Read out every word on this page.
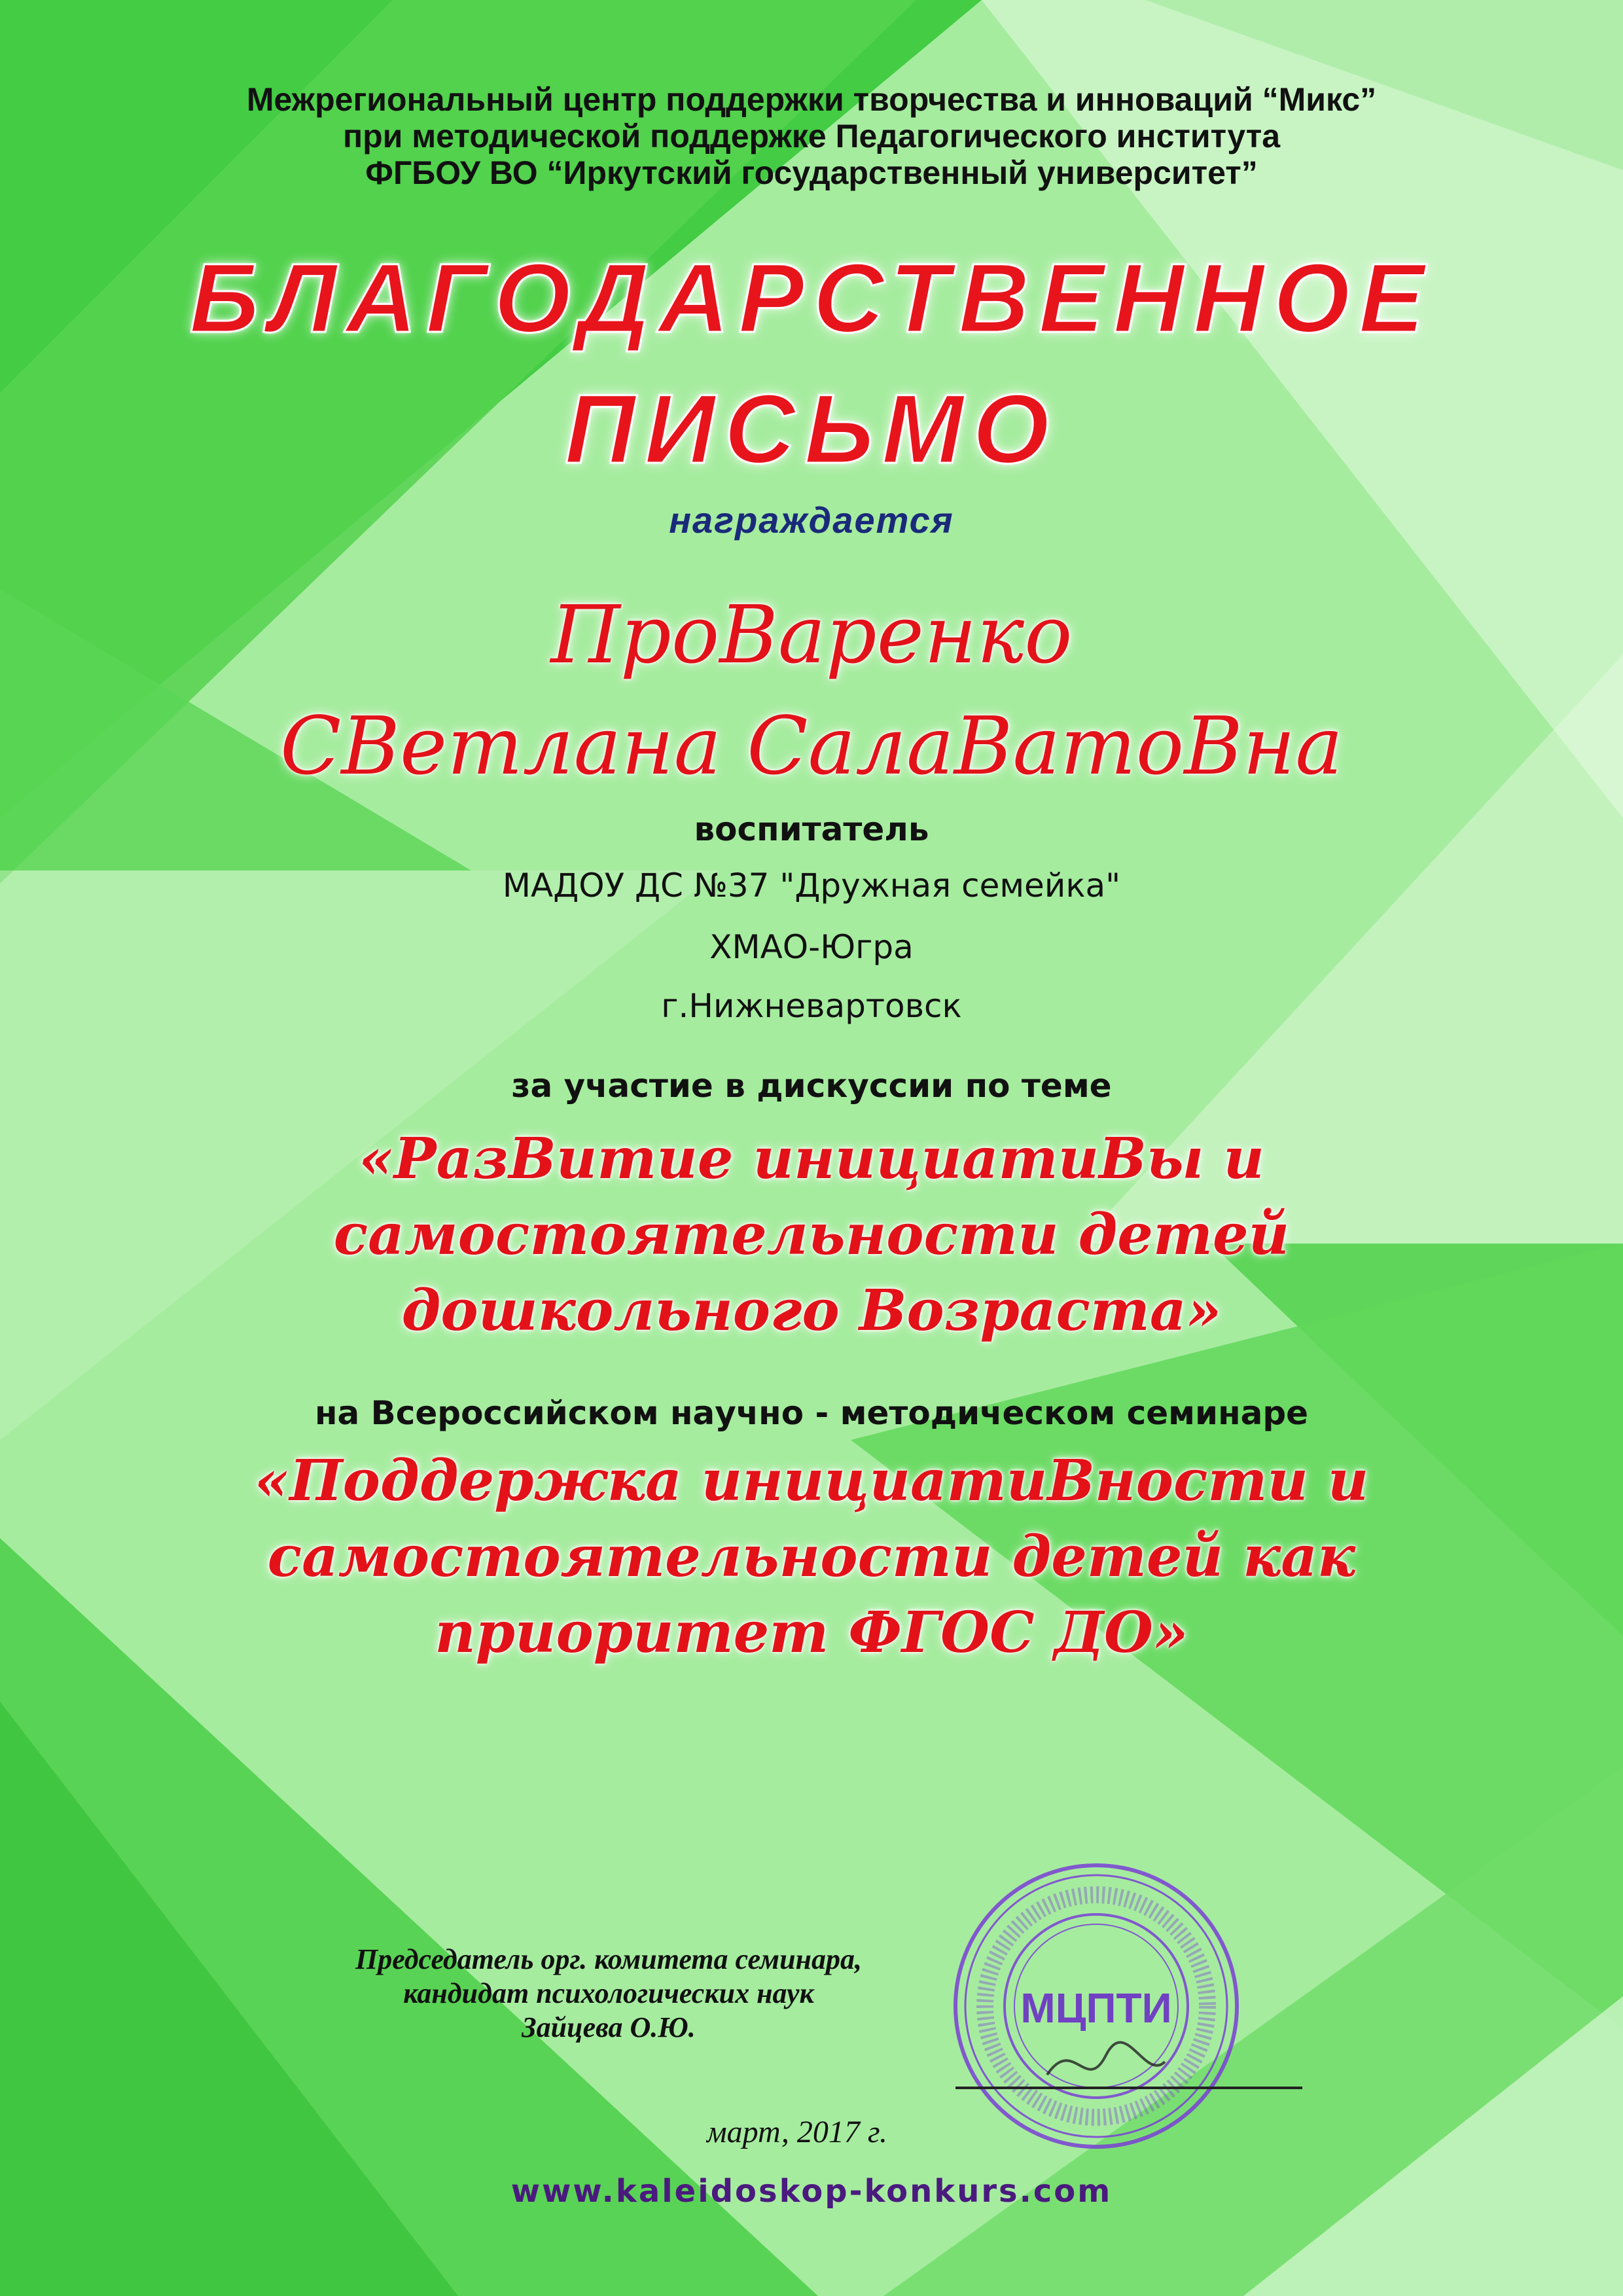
Межрегиональный центр поддержки творчества и инноваций “Микс”
при методической поддержке Педагогического института
ФГБОУ ВО “Иркутский государственный университет”
БЛАГОДАРСТВЕННОЕ
ПИСЬМО
награждается
ПроВаренко
СВетлана СалаВатоВна
воспитатель
МАДОУ ДС №37 "Дружная семейка"
ХМАО-Югра
г.Нижневартовск
за участие в дискуссии по теме
«РазВитие инициатиВы и
самостоятельности детей
дошкольного Возраста»
на Всероссийском научно - методическом семинаре
«Поддержка инициатиВности и
самостоятельности детей как
приоритет ФГОС ДО»
МЦПТИ
Председатель орг. комитета семинара,
кандидат психологических наук
Зайцева О.Ю.
март, 2017 г.
www.kaleidoskop-konkurs.com
